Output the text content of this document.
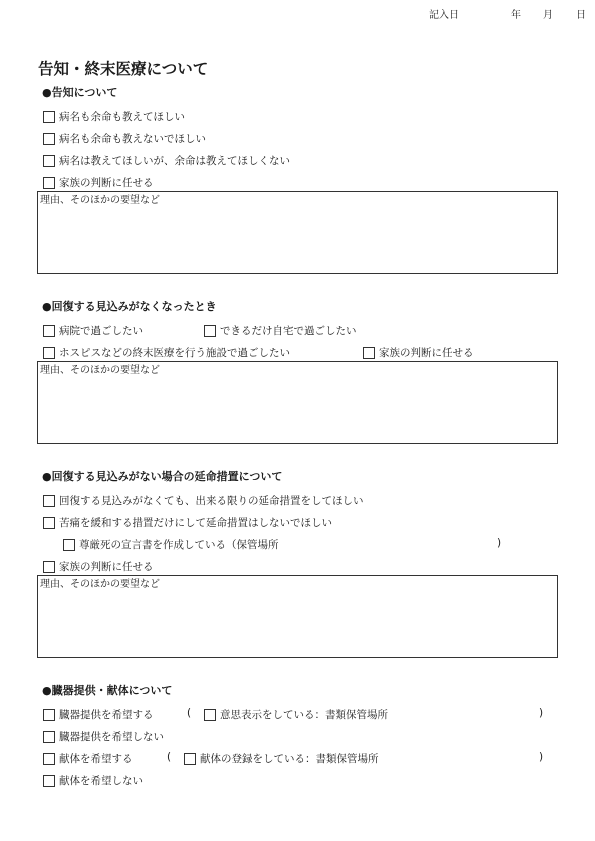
記入日	年 月 日
告知・終末医療について
●告知について
病名も余命も教えてほしい
病名も余命も教えないでほしい
病名は教えてほしいが、余命は教えてほしくない
家族の判断に任せる
理由、そのほかの要望など
●回復する見込みがなくなったとき
病院で過ごしたい	できるだけ自宅で過ごしたい
ホスピスなどの終末医療を行う施設で過ごしたい	家族の判断に任せる
理由、そのほかの要望など
●回復する見込みがない場合の延命措置について
回復する見込みがなくても、出来る限りの延命措置をしてほしい
苦痛を緩和する措置だけにして延命措置はしないでほしい
尊厳死の宣言書を作成している（保管場所	)
家族の判断に任せる
理由、そのほかの要望など
●臓器提供・献体について
臓器提供を希望する	(	意思表示をしている：書類保管場所	)
臓器提供を希望しない
献体を希望する	(	献体の登録をしている：書類保管場所	)
献体を希望しない
